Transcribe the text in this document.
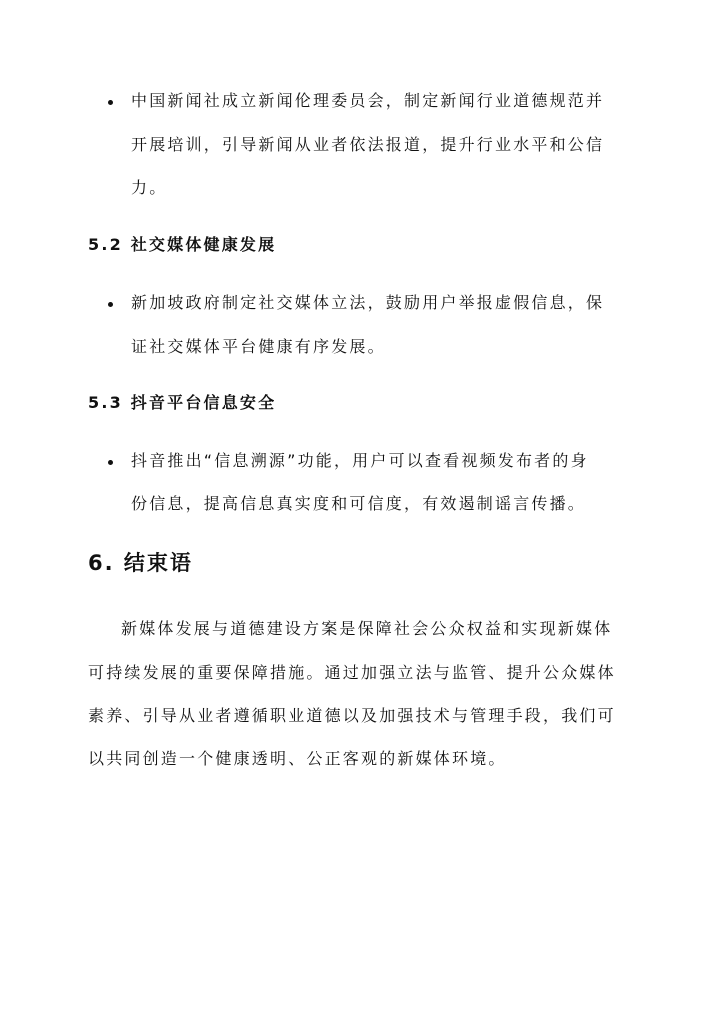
中国新闻社成立新闻伦理委员会，制定新闻行业道德规范并
开展培训，引导新闻从业者依法报道，提升行业水平和公信
力。
5.2 社交媒体健康发展
新加坡政府制定社交媒体立法，鼓励用户举报虚假信息，保
证社交媒体平台健康有序发展。
5.3 抖音平台信息安全
抖音推出“信息溯源”功能，用户可以查看视频发布者的身
份信息，提高信息真实度和可信度，有效遏制谣言传播。
6. 结束语
新媒体发展与道德建设方案是保障社会公众权益和实现新媒体
可持续发展的重要保障措施。通过加强立法与监管、提升公众媒体
素养、引导从业者遵循职业道德以及加强技术与管理手段，我们可
以共同创造一个健康透明、公正客观的新媒体环境。
